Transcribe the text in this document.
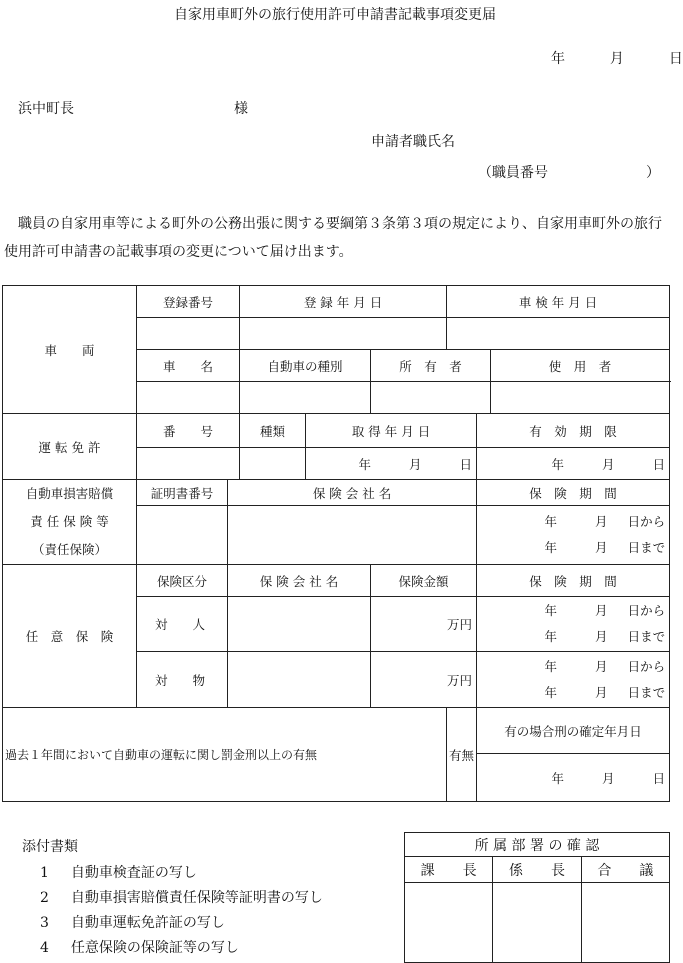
自家用車町外の旅行使用許可申請書記載事項変更届
年	月	日
浜中町長	様
申請者職氏名
（職員番号	）
職員の自家用車等による町外の公務出張に関する要綱第３条第３項の規定により、自家用車町外の旅行使用許可申請書の記載事項の変更について届け出ます。
車　　両	登録番号		登 録 年 月 日			車 検 年 月 日		

	車　　名		自動車の種別		所　有　者			使　用　者

運 転 免 許	番　　号		種類	取 得 年 月 日			有　効　期　限	
				年 月 日			年 月 日	

自動車損害賠償
責 任 保 険 等
（責任保険）	証明書番号	保 険 会 社 名					保　険　期　間	

							年 月 日から
年 月 日まで	

任　意　保　険	保険区分	保 険 会 社 名			保険金額		保　険　期　間	
	対　　人				万円		年 月 日から
年 月 日まで	

	対　　物				万円		年 月 日から
年 月 日まで	

過去１年間において自動車の運転に関し罰金刑以上の有無						有無	有の場合刑の確定年月日	
							年 月 日	
添付書類
1 自動車検査証の写し
2 自動車損害賠償責任保険等証明書の写し
3 自動車運転免許証の写し
4 任意保険の保険証等の写し
所 属 部 署 の 確 認		
課　　長	係　　長	合　　議
